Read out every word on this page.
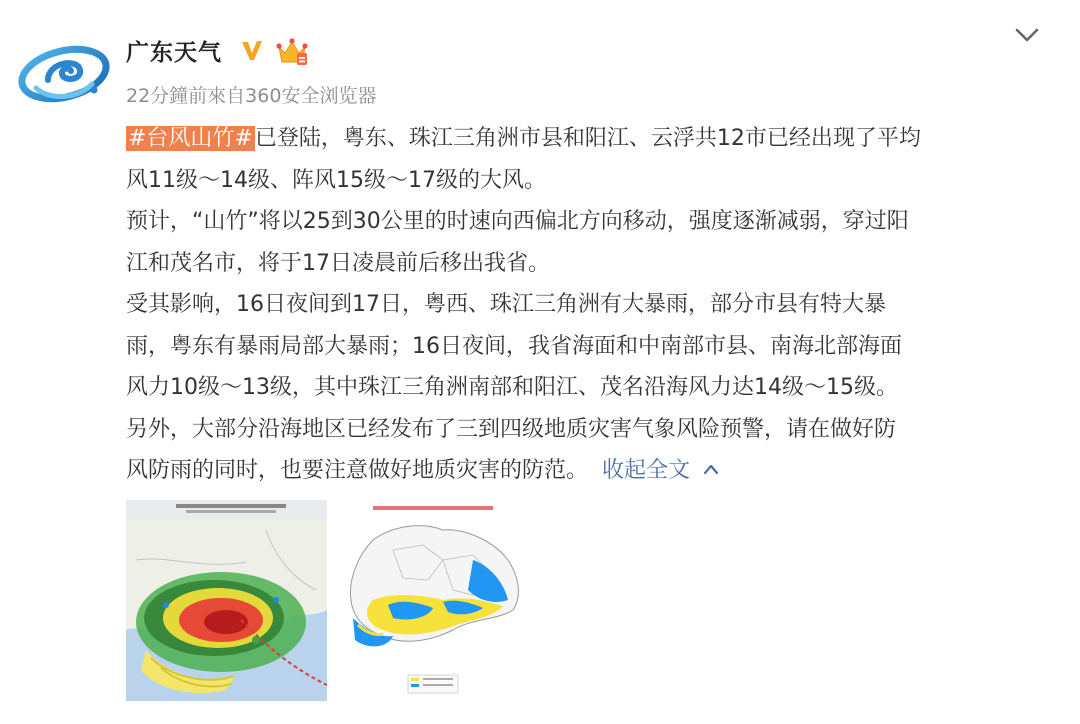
广东天气
22分鐘前來自360安全浏览器

#台风山竹#已登陆，粤东、珠江三角洲市县和阳江、云浮共12市已经出现了平均

风11级～14级、阵风15级～17级的大风。

预计，“山竹”将以25到30公里的时速向西偏北方向移动，强度逐渐减弱，穿过阳

江和茂名市，将于17日凌晨前后移出我省。

受其影响，16日夜间到17日，粤西、珠江三角洲有大暴雨，部分市县有特大暴

雨，粤东有暴雨局部大暴雨；16日夜间，我省海面和中南部市县、南海北部海面

风力10级～13级，其中珠江三角洲南部和阳江、茂名沿海风力达14级～15级。

另外，大部分沿海地区已经发布了三到四级地质灾害气象风险预警，请在做好防

风防雨的同时，也要注意做好地质灾害的防范。 收起全文
